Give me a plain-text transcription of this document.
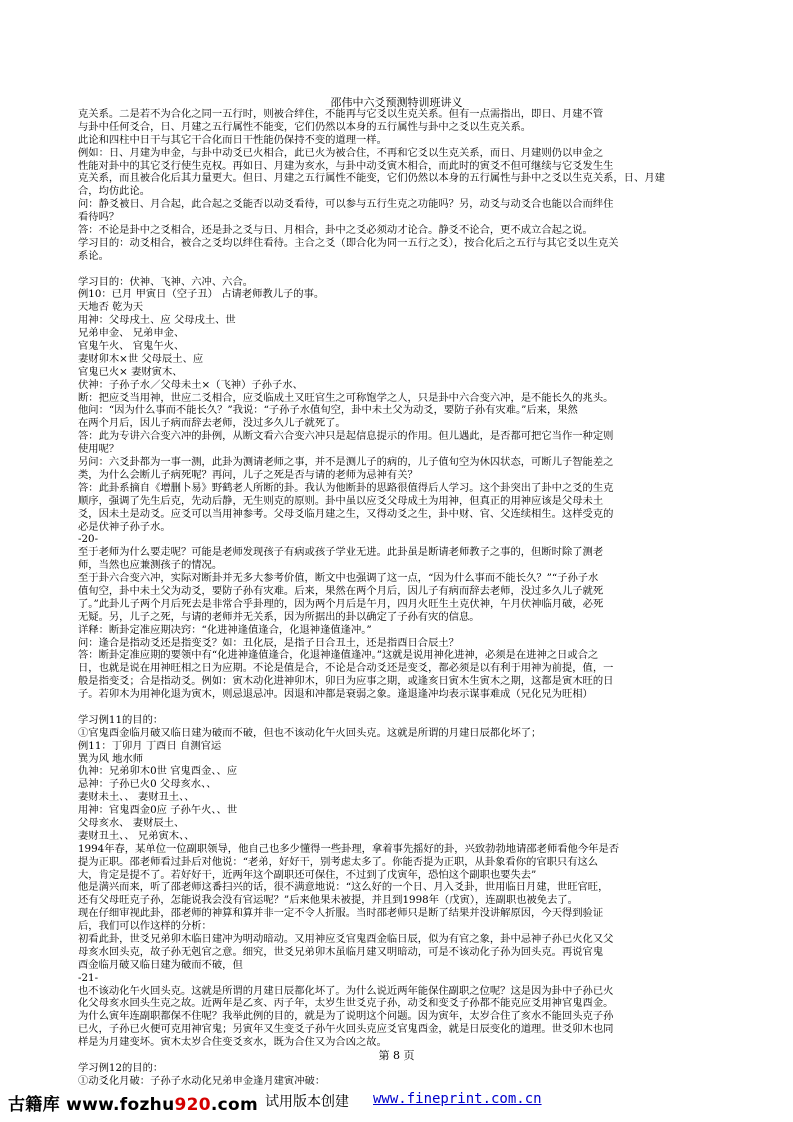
邵伟中六爻预测特训班讲义
克关系。二是若不为合化之同一五行时，则被合绊住，不能再与它爻以生克关系。但有一点需指出，即日、月建不管
与卦中任何爻合，日、月建之五行属性不能变，它们仍然以本身的五行属性与卦中之爻以生克关系。
此论和四柱中日干与其它干合化而日干性能仍保持不变的道理一样。
例如：日、月建为申金，与卦中动爻已火相合，此已火为被合住，不再和它爻以生克关系，而日、月建则仍以申金之
性能对卦中的其它爻行使生克权。再如日、月建为亥水，与卦中动爻寅木相合，而此时的寅爻不但可继续与它爻发生生
克关系，而且被合化后其力量更大。但日、月建之五行属性不能变，它们仍然以本身的五行属性与卦中之爻以生克关系，日、月建
合，均仿此论。
问：静爻被日、月合起，此合起之爻能否以动爻看待，可以参与五行生克之功能吗？另，动爻与动爻合也能以合而绊住
看待吗？
答：不论是卦中之爻相合，还是卦之爻与日、月相合，卦中之爻必须动才论合。静爻不论合，更不成立合起之说。
学习目的：动爻相合，被合之爻均以绊住看待。主合之爻（即合化为同一五行之爻），按合化后之五行与其它爻以生克关
系论。
学习目的：伏神、飞神、六冲、六合。
例10：已月 甲寅日（空子丑） 占请老师教儿子的事。
天地否 乾为天
用神：父母戌土、应 父母戌土、世
兄弟申金、 兄弟申金、
官鬼午火、 官鬼午火、
妻财卯木×世 父母辰土、应
官鬼已火× 妻财寅木、
伏神：子孙子水／父母未土×（飞神）子孙子水、
断：把应爻当用神，世应二爻相合，应爻临成土又旺官生之可称饱学之人，只是卦中六合变六冲，是不能长久的兆头。
他问：“因为什么事而不能长久？”我说：“子孙子水值旬空，卦中未土父为动爻，要防子孙有灾难。”后来，果然
在两个月后，因儿子病而辞去老师，没过多久儿子就死了。
答：此为专讲六合变六冲的卦例，从断文看六合变六冲只是起信息提示的作用。但儿遇此，是否都可把它当作一种定则
使用呢？
另问：六爻卦都为一事一测，此卦为测请老师之事，并不是测儿子的病的，儿子值旬空为休囚状态，可断儿子智能差之
类，为什么会断儿子病死呢？再问，儿子之死是否与请的老师为忌神有关？
答：此卦系摘自《增删卜易》野鹤老人所断的卦。我认为他断卦的思路很值得后人学习。这个卦突出了卦中之爻的生克
顺序，强调了先生后克，先动后静，无生则克的原则。卦中虽以应爻父母成土为用神，但真正的用神应该是父母未土
爻，因未土是动爻。应爻可以当用神参考。父母爻临月建之生，又得动爻之生，卦中财、官、父连续相生。这样受克的
必是伏神子孙子水。
-20-
至于老师为什么要走呢？可能是老师发现孩子有病或孩子学业无进。此卦虽是断请老师教子之事的，但断时除了测老
师，当然也应兼测孩子的情况。
至于卦六合变六冲，实际对断卦并无多大参考价值，断文中也强调了这一点，“因为什么事而不能长久？”“子孙子水
值旬空，卦中未土父为动爻，要防子孙有灾难。后来，果然在两个月后，因儿子有病而辞去老师，没过多久儿子就死
了。”此卦儿子两个月后死去是非常合乎卦理的，因为两个月后是午月，四月火旺生土克伏神，午月伏神临月破，必死
无疑。另，儿子之死，与请的老师并无关系，因为所据出的卦以确定了子孙有灾的信息。
详释：断卦定准应期决窍：“化进神逢值逢合，化退神逢值逢冲。”
问：逢合是指动爻还是指变爻？如：丑化辰，是指子日合丑土，还是指酉日合辰土？
答：断卦定准应期的要领中有“化进神逢值逢合，化退神逢值逢冲。”这就是说用神化进神，必须是在进神之日或合之
日，也就是说在用神旺相之日为应期。不论是值是合，不论是合动爻还是变爻，都必须是以有利于用神为前提，值，一
般是指变爻；合是指动爻。例如：寅木动化进神卯木，卯日为应事之期，或逢亥日寅木生寅木之期，这都是寅木旺的日
子。若卯木为用神化退为寅木，则忌退忌冲。因退和冲都是衰弱之象。逢退逢冲均表示谋事难成（兄化兄为旺相）
学习例11的目的：
①官鬼酉金临月破又临日建为破而不破，但也不该动化午火回头克。这就是所谓的月建日辰都化坏了；
例11：丁卯月 丁酉日 自测官运
巽为风 地水师
仇神：兄弟卯木0世 官鬼酉金、、应
忌神：子孙已火0 父母亥水、、
妻财未土、、 妻财丑土、、
用神：官鬼酉金0应 子孙午火、、世
父母亥水、 妻财辰土、
妻财丑土、、 兄弟寅木、、
1994年春，某单位一位副职领导，他自己也多少懂得一些卦理，拿着事先摇好的卦，兴致勃勃地请邵老师看他今年是否
提为正职。邵老师看过卦后对他说：“老弟，好好干，别考虑太多了。你能否提为正职，从卦象看你的官职只有这么
大，肯定是提不了。若好好干，近两年这个副职还可保住，不过到了戊寅年，恐怕这个副职也要失去”
他是满兴而来，听了邵老师这番扫兴的话，很不满意地说：“这么好的一个日、月入爻卦，世用临日月建，世旺官旺，
还有父母旺克子孙，怎能说我会没有官运呢？”后来他果未被提，并且到1998年（戊寅），连副职也被免去了。
现在仔细审视此卦，邵老师的神算和算并非一定不令人折服。当时邵老师只是断了结果并没讲解原因，今天得到验证
后，我们可以作这样的分析：
初看此卦，世爻兄弟卯木临日建冲为明动暗动。又用神应爻官鬼酉金临日辰，似为有官之象，卦中忌神子孙已火化又父
母亥水回头克，故子孙无剋官之意。细究，世爻兄弟卯木虽临月建又明暗动，可是不该动化子孙为回头克。再说官鬼
酉金临月破又临日建为破而不破，但
-21-
也不该动化午火回头克。这就是所谓的月建日辰都化坏了。为什么说近两年能保住副职之位呢？这是因为卦中子孙已火
化父母亥水回头生克之故。近两年是乙亥、丙子年，太岁生世爻克子孙，动爻和变爻子孙都不能克应爻用神官鬼酉金。
为什么寅年连副职都保不住呢？我举此例的目的，就是为了说明这个问题。因为寅年，太岁合住了亥水不能回头克子孙
已火，子孙已火便可克用神官鬼；另寅年又生变爻子孙午火回头克应爻官鬼酉金，就是日辰变化的道理。世爻卯木也同
样是为月建变坏。寅木太岁合住变爻亥水，既为合住又为合凶之故。
学习例12的目的：
①动爻化月破：子孙子水动化兄弟申金逢月建寅冲破：
第 8 页
古籍库 www.fozhu920.com 试用版本创建 www.fineprint.com.cn
